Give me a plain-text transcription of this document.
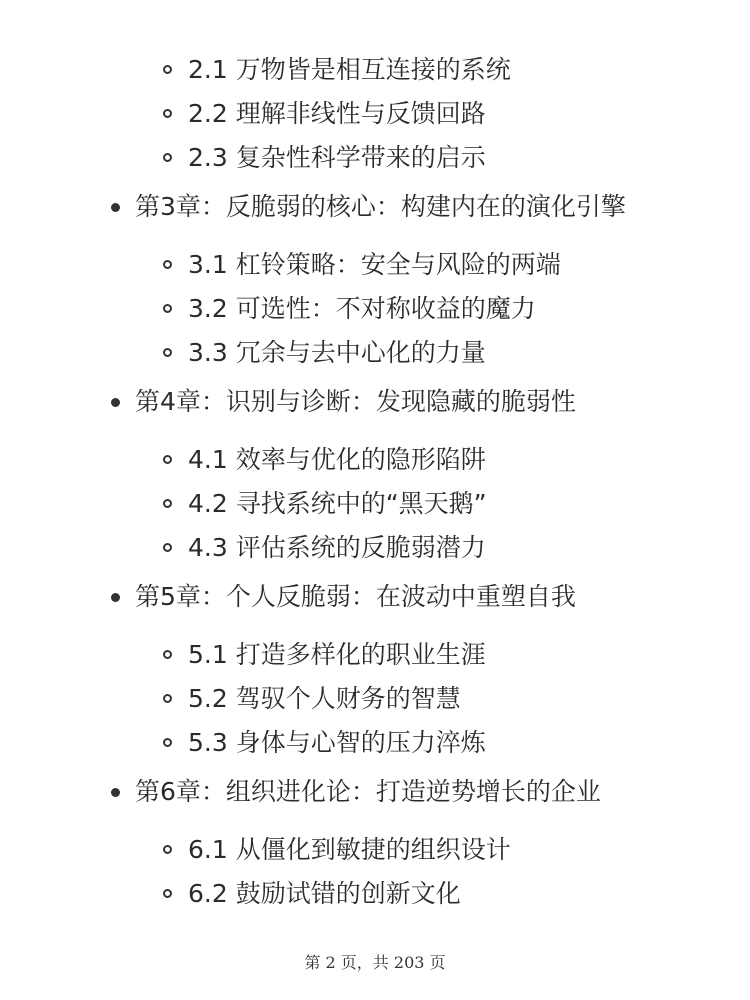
2.1 万物皆是相互连接的系统
2.2 理解非线性与反馈回路
2.3 复杂性科学带来的启示
第3章：反脆弱的核心：构建内在的演化引擎
3.1 杠铃策略：安全与风险的两端
3.2 可选性：不对称收益的魔力
3.3 冗余与去中心化的力量
第4章：识别与诊断：发现隐藏的脆弱性
4.1 效率与优化的隐形陷阱
4.2 寻找系统中的“黑天鹅”
4.3 评估系统的反脆弱潜力
第5章：个人反脆弱：在波动中重塑自我
5.1 打造多样化的职业生涯
5.2 驾驭个人财务的智慧
5.3 身体与心智的压力淬炼
第6章：组织进化论：打造逆势增长的企业
6.1 从僵化到敏捷的组织设计
6.2 鼓励试错的创新文化
第 2 页，共 203 页
